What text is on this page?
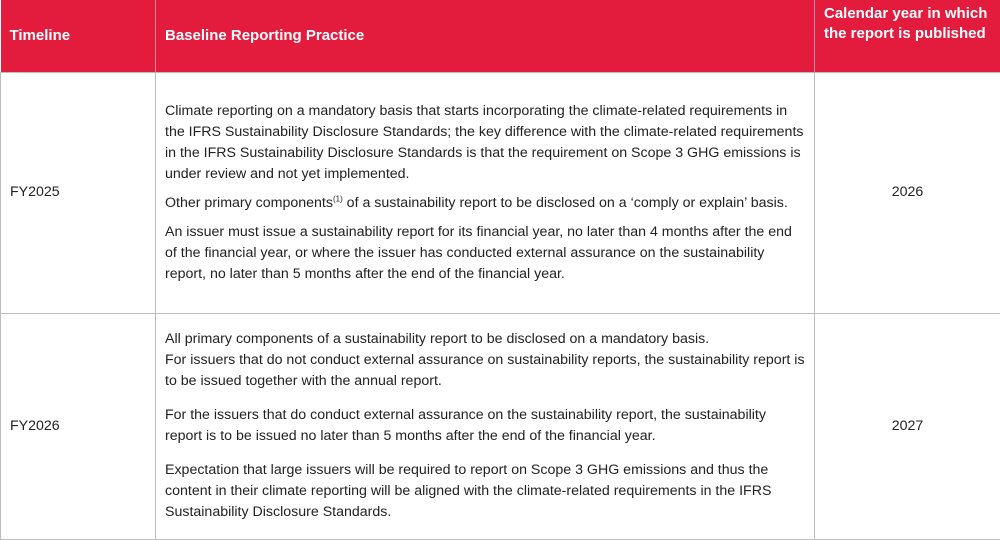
Timeline	Baseline Reporting Practice	Calendar year in which the report is published
FY2025	Climate reporting on a mandatory basis that starts incorporating the climate-related requirements in the IFRS Sustainability Disclosure Standards; the key difference with the climate-related requirements in the IFRS Sustainability Disclosure Standards is that the requirement on Scope 3 GHG emissions is under review and not yet implemented.

Other primary components$^{(1)}$ of a sustainability report to be disclosed on a ‘comply or explain’ basis.

An issuer must issue a sustainability report for its financial year, no later than 4 months after the end of the financial year, or where the issuer has conducted external assurance on the sustainability report, no later than 5 months after the end of the financial year.	2026
FY2026	All primary components of a sustainability report to be disclosed on a mandatory basis.

For issuers that do not conduct external assurance on sustainability reports, the sustainability report is to be issued together with the annual report.

For the issuers that do conduct external assurance on the sustainability report, the sustainability report is to be issued no later than 5 months after the end of the financial year.

Expectation that large issuers will be required to report on Scope 3 GHG emissions and thus the content in their climate reporting will be aligned with the climate-related requirements in the IFRS Sustainability Disclosure Standards.	2027
